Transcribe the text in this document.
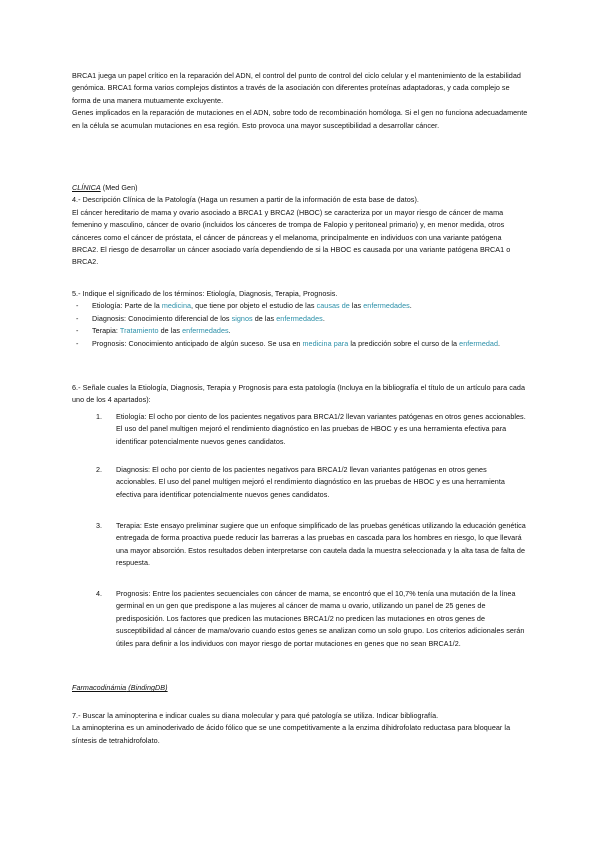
BRCA1 juega un papel crítico en la reparación del ADN, el control del punto de control del ciclo celular y el mantenimiento de la estabilidad genómica. BRCA1 forma varios complejos distintos a través de la asociación con diferentes proteínas adaptadoras, y cada complejo se forma de una manera mutuamente excluyente.

Genes implicados en la reparación de mutaciones en el ADN, sobre todo de recombinación homóloga. Si el gen no funciona adecuadamente en la célula se acumulan mutaciones en esa región. Esto provoca una mayor susceptibilidad a desarrollar cáncer.

CLÍNICA (Med Gen)

4.- Descripción Clínica de la Patología (Haga un resumen a partir de la información de esta base de datos).

El cáncer hereditario de mama y ovario asociado a BRCA1 y BRCA2 (HBOC) se caracteriza por un mayor riesgo de cáncer de mama femenino y masculino, cáncer de ovario (incluidos los cánceres de trompa de Falopio y peritoneal primario) y, en menor medida, otros cánceres como el cáncer de próstata, el cáncer de páncreas y el melanoma, principalmente en individuos con una variante patógena BRCA2. El riesgo de desarrollar un cáncer asociado varía dependiendo de si la HBOC es causada por una variante patógena BRCA1 o BRCA2.

5.- Indique el significado de los términos: Etiología, Diagnosis, Terapia, Prognosis.

- Etiología: Parte de la medicina, que tiene por objeto el estudio de las causas de las enfermedades.
- Diagnosis: Conocimiento diferencial de los signos de las enfermedades.
- Terapia: Tratamiento de las enfermedades.
- Prognosis: Conocimiento anticipado de algún suceso. Se usa en medicina para la predicción sobre el curso de la enfermedad.

6.- Señale cuales la Etiología, Diagnosis, Terapia y Prognosis para esta patología (Incluya en la bibliografía el título de un artículo para cada uno de los 4 apartados):

1. Etiología: El ocho por ciento de los pacientes negativos para BRCA1/2 llevan variantes patógenas en otros genes accionables. El uso del panel multigen mejoró el rendimiento diagnóstico en las pruebas de HBOC y es una herramienta efectiva para identificar potencialmente nuevos genes candidatos.
2. Diagnosis: El ocho por ciento de los pacientes negativos para BRCA1/2 llevan variantes patógenas en otros genes accionables. El uso del panel multigen mejoró el rendimiento diagnóstico en las pruebas de HBOC y es una herramienta efectiva para identificar potencialmente nuevos genes candidatos.
3. Terapia: Este ensayo preliminar sugiere que un enfoque simplificado de las pruebas genéticas utilizando la educación genética entregada de forma proactiva puede reducir las barreras a las pruebas en cascada para los hombres en riesgo, lo que llevará una mayor absorción. Estos resultados deben interpretarse con cautela dada la muestra seleccionada y la alta tasa de falta de respuesta.
4. Prognosis: Entre los pacientes secuenciales con cáncer de mama, se encontró que el 10,7% tenía una mutación de la línea germinal en un gen que predispone a las mujeres al cáncer de mama u ovario, utilizando un panel de 25 genes de predisposición. Los factores que predicen las mutaciones BRCA1/2 no predicen las mutaciones en otros genes de susceptibilidad al cáncer de mama/ovario cuando estos genes se analizan como un solo grupo. Los criterios adicionales serán útiles para definir a los individuos con mayor riesgo de portar mutaciones en genes que no sean BRCA1/2.

Farmacodinámia (BindingDB)

7.- Buscar la aminopterina e indicar cuales su diana molecular y para qué patología se utiliza. Indicar bibliografía.

La aminopterina es un aminoderivado de ácido fólico que se une competitivamente a la enzima dihidrofolato reductasa para bloquear la síntesis de tetrahidrofolato.
